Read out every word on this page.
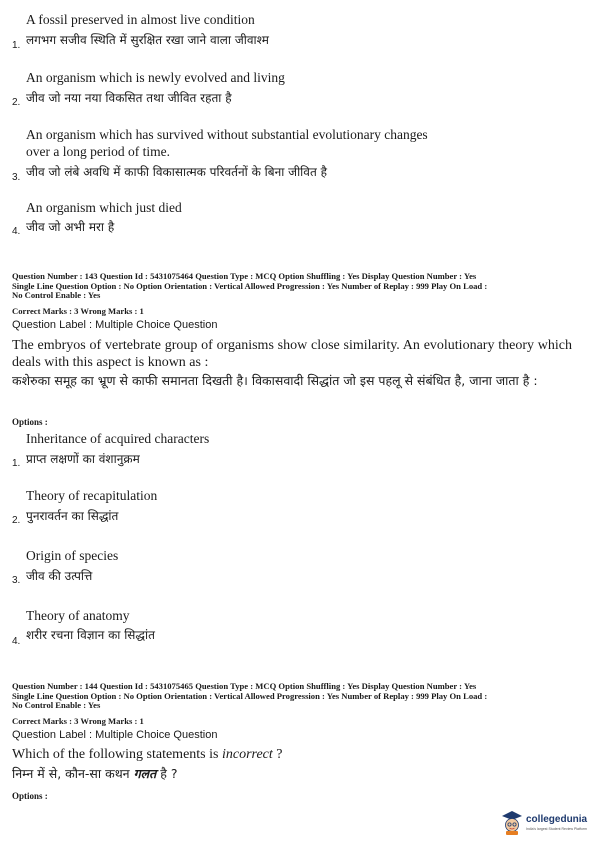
A fossil preserved in almost live condition
लगभग सजीव स्थिति में सुरक्षित रखा जाने वाला जीवाश्म
1.
An organism which is newly evolved and living
जीव जो नया नया विकसित तथा जीवित रहता है
2.
An organism which has survived without substantial evolutionary changes
over a long period of time.
जीव जो लंबे अवधि में काफी विकासात्मक परिवर्तनों के बिना जीवित है
3.
An organism which just died
जीव जो अभी मरा है
4.
Question Number : 143 Question Id : 5431075464 Question Type : MCQ Option Shuffling : Yes Display Question Number : Yes
Single Line Question Option : No Option Orientation : Vertical Allowed Progression : Yes Number of Replay : 999 Play On Load :
No Control Enable : Yes
Correct Marks : 3 Wrong Marks : 1
Question Label : Multiple Choice Question
The embryos of vertebrate group of organisms show close similarity. An evolutionary theory which deals with this aspect is known as :
कशेरुका समूह का भ्रूण से काफी समानता दिखती है। विकासवादी सिद्धांत जो इस पहलू से संबंधित है, जाना जाता है :
Options :
Inheritance of acquired characters
प्राप्त लक्षणों का वंशानुक्रम
1.
Theory of recapitulation
पुनरावर्तन का सिद्धांत
2.
Origin of species
जीव की उत्पत्ति
3.
Theory of anatomy
शरीर रचना विज्ञान का सिद्धांत
4.
Question Number : 144 Question Id : 5431075465 Question Type : MCQ Option Shuffling : Yes Display Question Number : Yes
Single Line Question Option : No Option Orientation : Vertical Allowed Progression : Yes Number of Replay : 999 Play On Load :
No Control Enable : Yes
Correct Marks : 3 Wrong Marks : 1
Question Label : Multiple Choice Question
Which of the following statements is incorrect ?
निम्न में से, कौन-सा कथन गलत है ?
Options :
collegedunia
India's largest Student Review Platform
